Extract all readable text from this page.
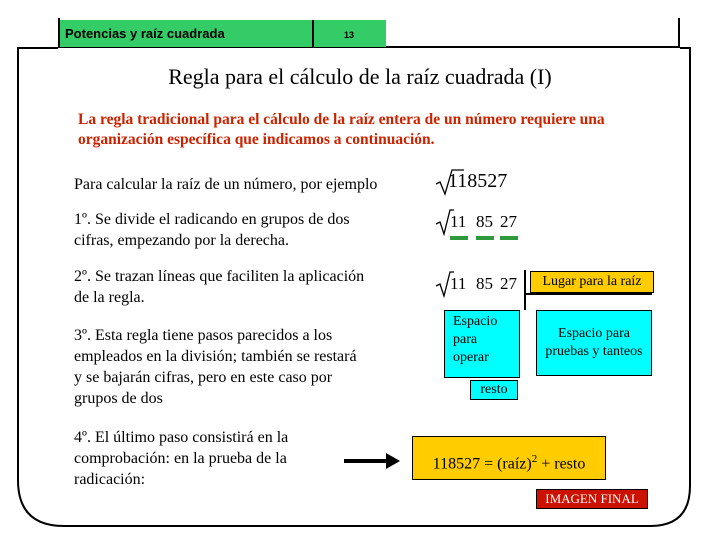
Potencias y raíz cuadrada	13
Regla para el cálculo de la raíz cuadrada (I)
La regla tradicional para el cálculo de la raíz entera de un número requiere una organización específica que indicamos a continuación.
Para calcular la raíz de un número, por ejemplo	118527
1º. Se divide el radicando en grupos de dos cifras, empezando por la derecha.
11 85 27
2º. Se trazan líneas que faciliten la aplicación de la regla.
11 85 27	Lugar para la raíz
Espacio para operar
Espacio para pruebas y tanteos
resto
3º. Esta regla tiene pasos parecidos a los empleados en la división; también se restará y se bajarán cifras, pero en este caso por grupos de dos
4º. El último paso consistirá en la comprobación: en la prueba de la radicación:
118527 = (raíz)$^2$ + resto
IMAGEN FINAL
